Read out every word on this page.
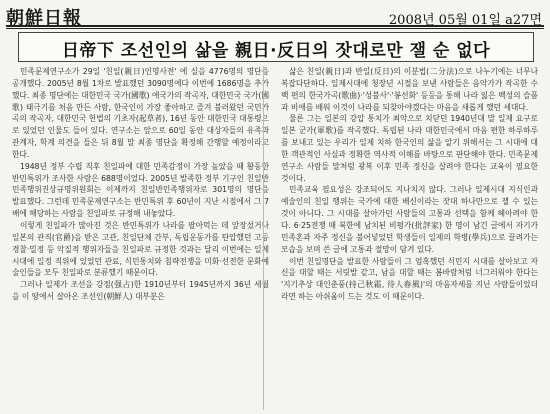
朝鮮日報	2008년 05월 01일 a27면
日帝下 조선인의 삶을 親日·反日의 잣대로만 잴 순 없다

민족문제연구소가 29일 '친일(親日)인명사전' 에 실을 4776명의 명단을 공개했다. 2005년 8월 1차로 발표했던 3090명에다 이번에 1686명을 추가했다. 최종 명단에는 대한민국 국가(國歌) 애국가의 작곡자, 대한민국 국가(國歌) 태극기를 처음 만든 사람, 한국인이 가장 좋아하고 즐겨 불러왔던 국민가곡의 작곡자, 대한민국 헌법의 기초자(起草者), 16년 동안 대한민국 대통령으로 있었던 인물도 들어 있다. 연구소는 앞으로 60일 동안 대상자들의 유족과 관계자, 학계 의견을 들은 뒤 8월 말 최종 명단을 확정해 간행할 예정이라고 한다.

1948년 정부 수립 직후 친일파에 대한 민족감정이 가장 높았을 때 활동한 반민특위가 조사한 사람은 688명이었다. 2005년 발족한 정부 기구인 친일반민족행위진상규명위원회는 이제까지 친일반민족행위자로 301명의 명단을 발표했다. 그런데 민족문제연구소는 반민특위 후 60년이 지난 시점에서 그 7배에 해당하는 사람을 친일파로 규정해 내놓았다.

이렇게 친일파가 많아진 것은 반민특위가 나라를 팔아먹는 데 앞장섰거나 일본의 관직(官爵)을 받은 고관, 친일단체 간부, 독립운동가를 탄압했던 고등경찰·밀정 등 악질적 행위자들을 친일파로 규정한 것과는 달리 이번에는 일제시대에 일정 직위에 있었던 관료, 식민통치와 침략전쟁을 미화·선전한 문화예술인들을 모두 친일파로 분류했기 때문이다.

그러나 일제가 조선을 강점(强占)한 1910년부터 1945년까지 36년 세월을 이 땅에서 살아온 조선인(朝鮮人) 대부분은

삶은 친일(親日)과 반일(反日)의 이분법(二分法)으로 나누기에는 너무나 복잡다단하다. 일제시대에 청장년 시절을 보낸 사람들은 음악가가 작곡한 수백 편의 한국가곡(歌曲)·'성불사'·'봉선화' 등등을 통해 나라 잃은 백성의 슬픔과 비애를 배워 이것이 나라를 되찾아야겠다는 마음을 새롭게 했던 세대다.

물론 그는 일본의 강압 통치가 최악으로 치닫던 1940년대 말 일제 요구로 일본 군가(軍歌)를 작곡했다. 독립된 나라 대한민국에서 마음 편한 하루하루를 보내고 있는 우리가 일제 치하 한국인의 삶을 알기 위해서는 그 시대에 대한 객관적인 사실과 정확한 역사적 이해를 바탕으로 판단해야 한다. 민족문제연구소 사람들 말처럼 광복 이후 민족 정신을 살려야 한다는 교육이 필요한 것이다.

민족교육 필요성은 강조되어도 지나치지 않다. 그러나 일제시대 지식인과 예술인의 친일 행위는 국가에 대한 배신이라는 잣대 하나만으로 잴 수 있는 것이 아니다. 그 시대를 살아가던 사람들의 고통과 선택을 함께 헤아려야 한다. 6·25전쟁 때 북한에 남치된 비평가(批評家) 한 명이 남긴 글에서 자기가 민족혼과 자주 정신을 불어넣었던 학생들이 일제의 학병(學兵)으로 끌려가는 모습을 보며 쓴 글에 고통과 절망이 담겨 있다.

이번 친일명단을 발표한 사람들이 그 엄혹했던 식민지 시대를 살아보고 자신을 대할 때는 서릿발 같고, 남을 대할 때는 봄바람처럼 너그러워야 한다는 '지기추상 대인춘풍(持己秋霜, 待人春風)'의 마음자세를 지닌 사람들이었더라면 하는 아쉬움이 드는 것도 이 때문이다.
